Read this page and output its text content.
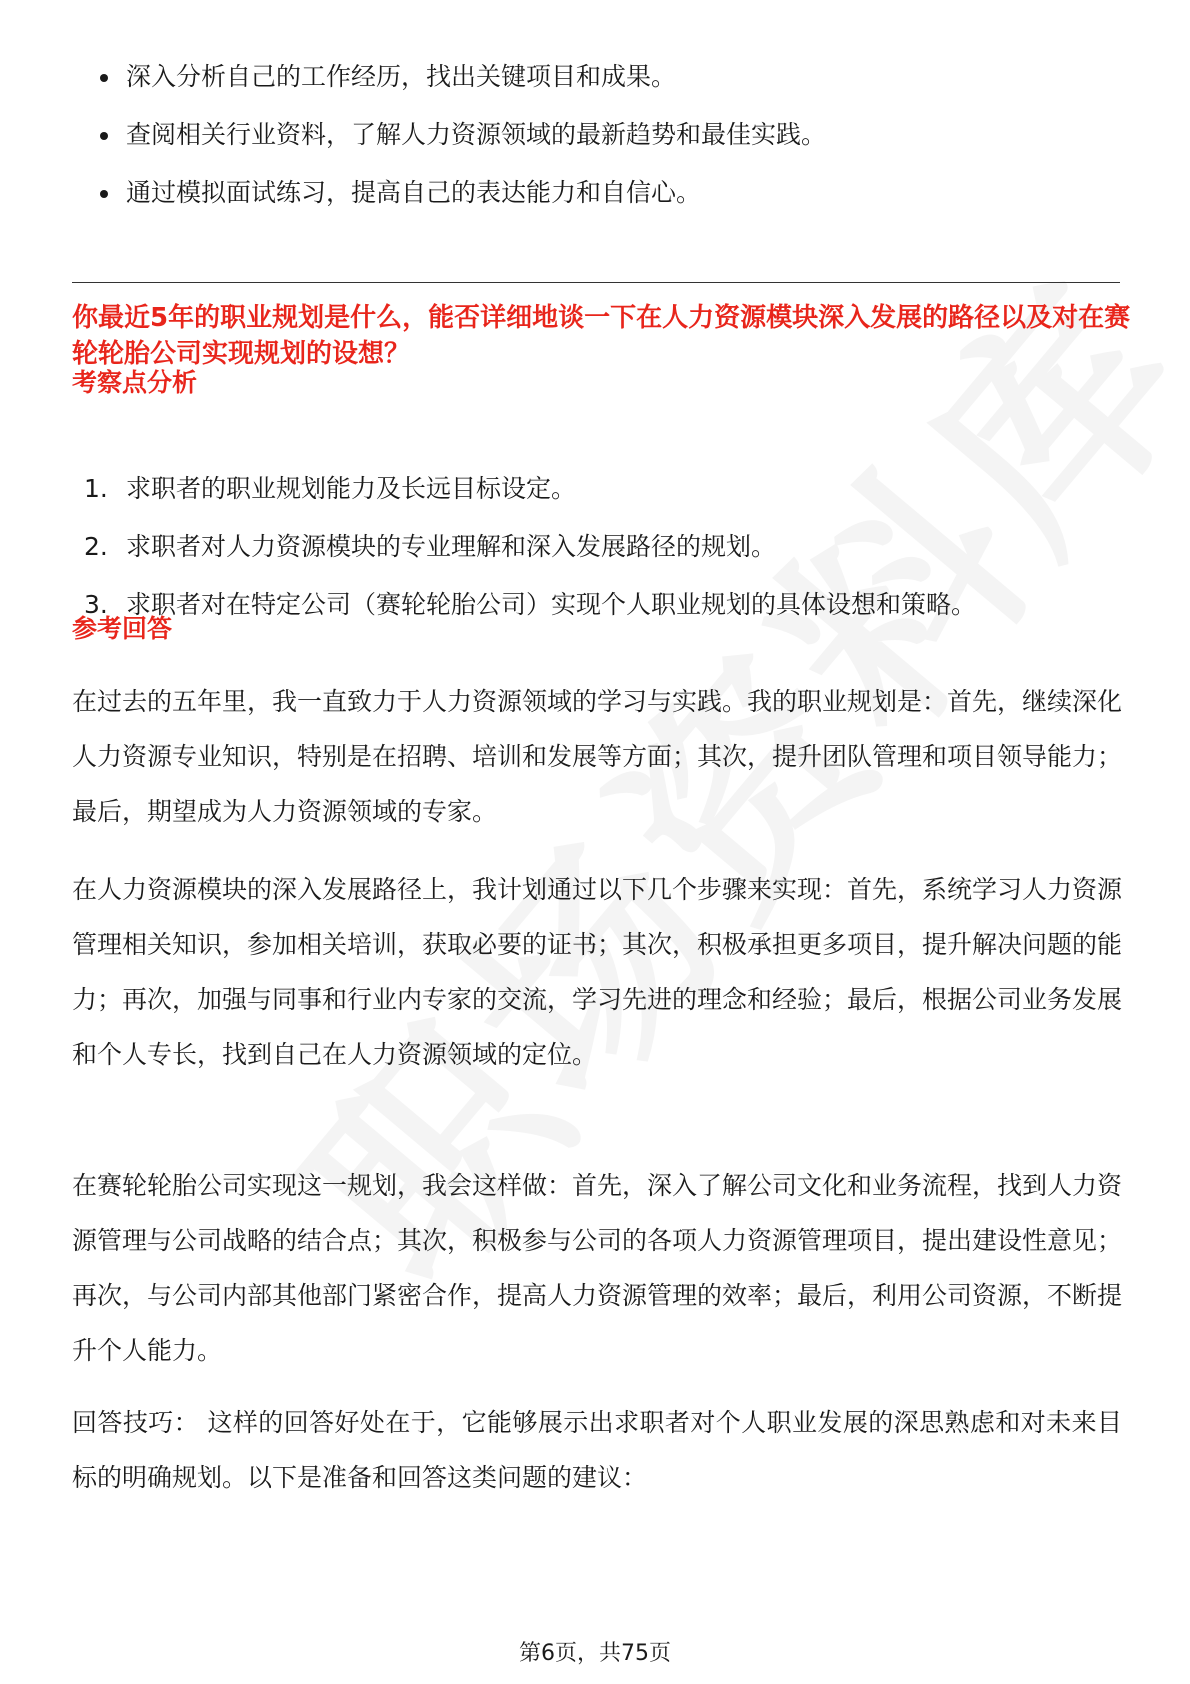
深入分析自己的工作经历，找出关键项目和成果。
查阅相关行业资料，了解人力资源领域的最新趋势和最佳实践。
通过模拟面试练习，提高自己的表达能力和自信心。

你最近5年的职业规划是什么，能否详细地谈一下在人力资源模块深入发展的路径以及对在赛轮轮胎公司实现规划的设想？

考察点分析

1. 求职者的职业规划能力及长远目标设定。
2. 求职者对人力资源模块的专业理解和深入发展路径的规划。
3. 求职者对在特定公司（赛轮轮胎公司）实现个人职业规划的具体设想和策略。

参考回答

在过去的五年里，我一直致力于人力资源领域的学习与实践。我的职业规划是：首先，继续深化人力资源专业知识，特别是在招聘、培训和发展等方面；其次，提升团队管理和项目领导能力；最后，期望成为人力资源领域的专家。

在人力资源模块的深入发展路径上，我计划通过以下几个步骤来实现：首先，系统学习人力资源管理相关知识，参加相关培训，获取必要的证书；其次，积极承担更多项目，提升解决问题的能力；再次，加强与同事和行业内专家的交流，学习先进的理念和经验；最后，根据公司业务发展和个人专长，找到自己在人力资源领域的定位。

在赛轮轮胎公司实现这一规划，我会这样做：首先，深入了解公司文化和业务流程，找到人力资源管理与公司战略的结合点；其次，积极参与公司的各项人力资源管理项目，提出建设性意见；再次，与公司内部其他部门紧密合作，提高人力资源管理的效率；最后，利用公司资源，不断提升个人能力。

回答技巧： 这样的回答好处在于，它能够展示出求职者对个人职业发展的深思熟虑和对未来目标的明确规划。以下是准备和回答这类问题的建议：

第6页，共75页
